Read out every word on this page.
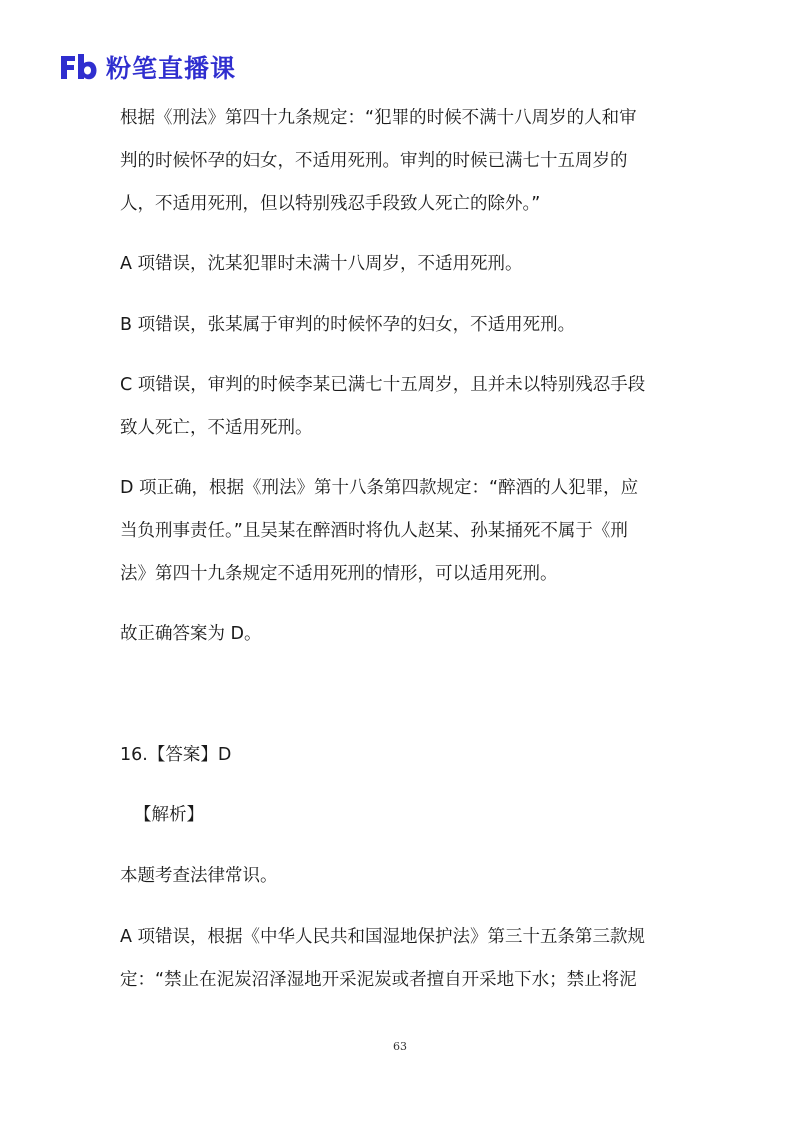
粉笔直播课
根据《刑法》第四十九条规定：“犯罪的时候不满十八周岁的人和审
判的时候怀孕的妇女，不适用死刑。审判的时候已满七十五周岁的
人，不适用死刑，但以特别残忍手段致人死亡的除外。”
A 项错误，沈某犯罪时未满十八周岁，不适用死刑。
B 项错误，张某属于审判的时候怀孕的妇女，不适用死刑。
C 项错误，审判的时候李某已满七十五周岁，且并未以特别残忍手段
致人死亡，不适用死刑。
D 项正确，根据《刑法》第十八条第四款规定：“醉酒的人犯罪，应
当负刑事责任。”且吴某在醉酒时将仇人赵某、孙某捅死不属于《刑
法》第四十九条规定不适用死刑的情形，可以适用死刑。
故正确答案为 D。
16.【答案】D
【解析】
本题考查法律常识。
A 项错误，根据《中华人民共和国湿地保护法》第三十五条第三款规
定：“禁止在泥炭沼泽湿地开采泥炭或者擅自开采地下水；禁止将泥
63
